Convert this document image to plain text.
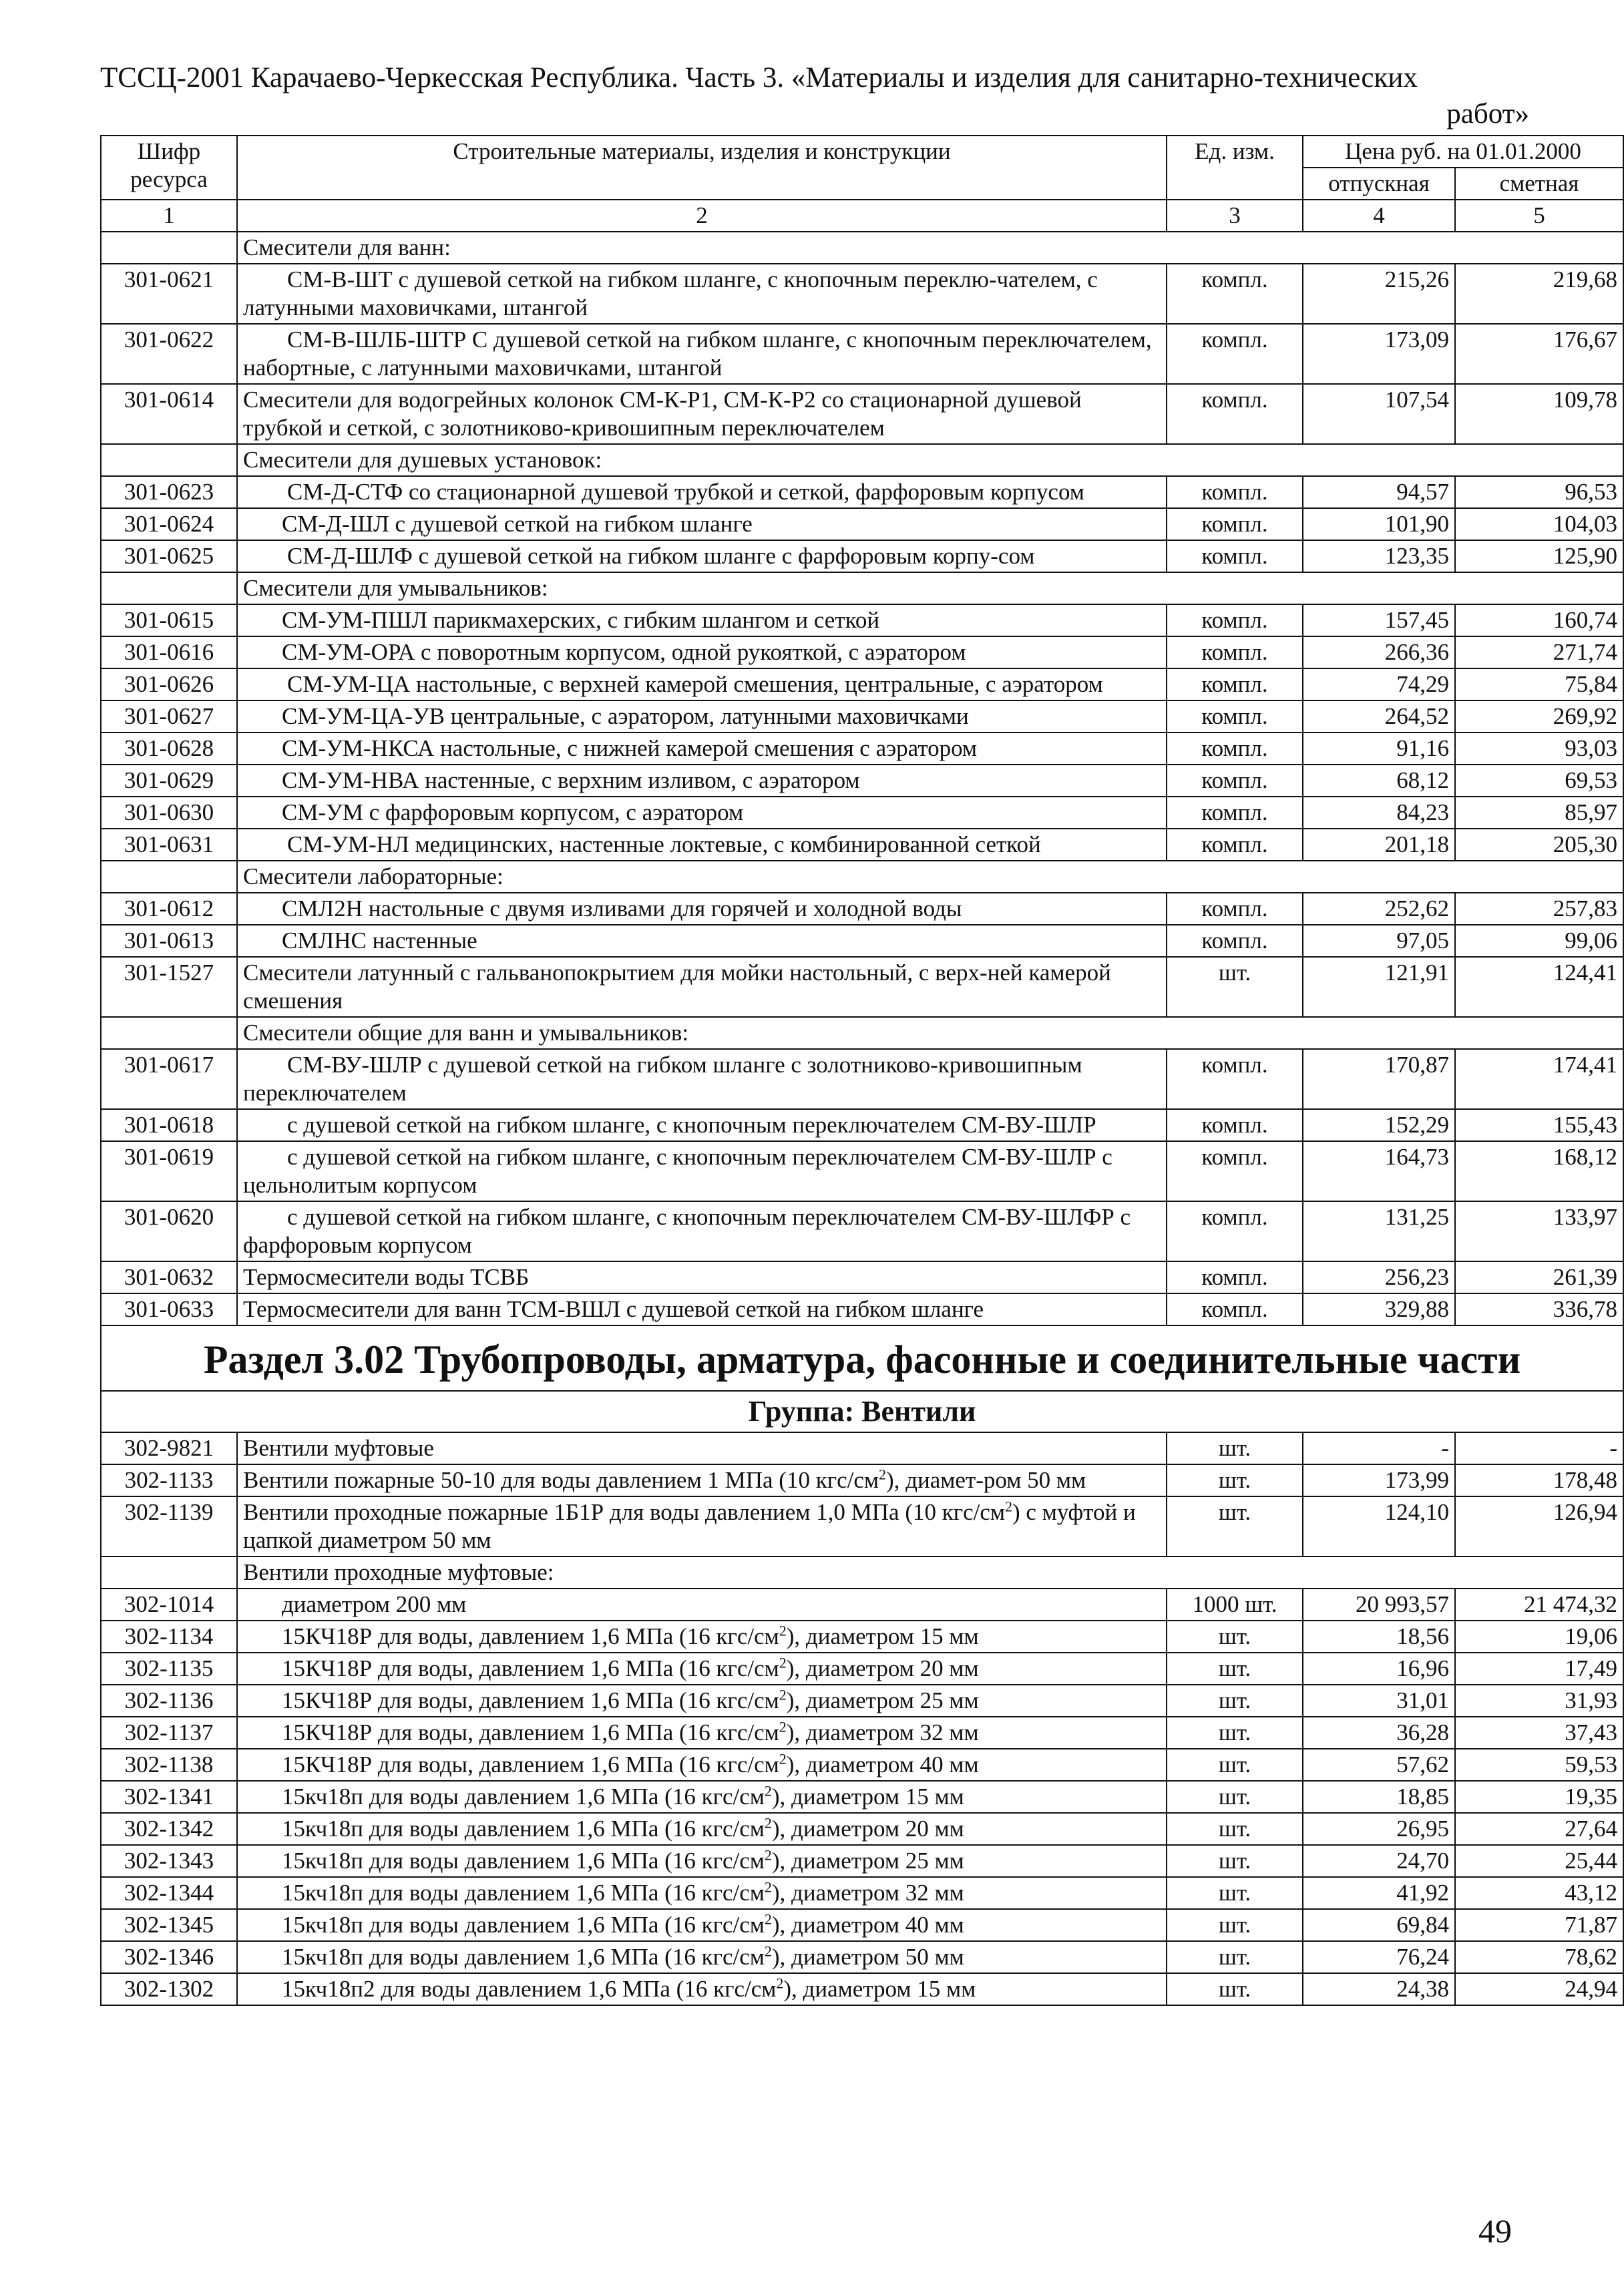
ТССЦ-2001 Карачаево-Черкесская Республика. Часть 3. «Материалы и изделия для санитарно-технических
работ»
Шифр ресурса	Строительные материалы, изделия и конструкции	Ед. изм.	Цена руб. на 01.01.2000	
			отпускная	сметная
1	2	3	4	5
	Смесители для ванн:			
301-0621	СМ-В-ШТ с душевой сеткой на гибком шланге, с кнопочным переклю-чателем, с латунными маховичками, штангой	компл.	215,26	219,68
301-0622	СМ-В-ШЛБ-ШТР С душевой сеткой на гибком шланге, с кнопочным переключателем, набортные, с латунными маховичками, штангой	компл.	173,09	176,67
301-0614	Смесители для водогрейных колонок СМ-К-Р1, СМ-К-Р2 со стационарной душевой трубкой и сеткой, с золотниково-кривошипным переключателем	компл.	107,54	109,78
	Смесители для душевых установок:			
301-0623	СМ-Д-СТФ со стационарной душевой трубкой и сеткой, фарфоровым корпусом	компл.	94,57	96,53
301-0624	СМ-Д-ШЛ с душевой сеткой на гибком шланге	компл.	101,90	104,03
301-0625	СМ-Д-ШЛФ с душевой сеткой на гибком шланге с фарфоровым корпу-сом	компл.	123,35	125,90
	Смесители для умывальников:			
301-0615	СМ-УМ-ПШЛ парикмахерских, с гибким шлангом и сеткой	компл.	157,45	160,74
301-0616	СМ-УМ-ОРА с поворотным корпусом, одной рукояткой, с аэратором	компл.	266,36	271,74
301-0626	СМ-УМ-ЦА настольные, с верхней камерой смешения, центральные, с аэратором	компл.	74,29	75,84
301-0627	СМ-УМ-ЦА-УВ центральные, с аэратором, латунными маховичками	компл.	264,52	269,92
301-0628	СМ-УМ-НКСА настольные, с нижней камерой смешения с аэратором	компл.	91,16	93,03
301-0629	СМ-УМ-НВА настенные, с верхним изливом, с аэратором	компл.	68,12	69,53
301-0630	СМ-УМ с фарфоровым корпусом, с аэратором	компл.	84,23	85,97
301-0631	СМ-УМ-НЛ медицинских, настенные локтевые, с комбинированной сеткой	компл.	201,18	205,30
	Смесители лабораторные:			
301-0612	СМЛ2Н настольные с двумя изливами для горячей и холодной воды	компл.	252,62	257,83
301-0613	СМЛНС настенные	компл.	97,05	99,06
301-1527	Смесители латунный с гальванопокрытием для мойки настольный, с верх-ней камерой смешения	шт.	121,91	124,41
	Смесители общие для ванн и умывальников:			
301-0617	СМ-ВУ-ШЛР с душевой сеткой на гибком шланге с золотниково-кривошипным переключателем	компл.	170,87	174,41
301-0618	с душевой сеткой на гибком шланге, с кнопочным переключателем СМ-ВУ-ШЛР	компл.	152,29	155,43
301-0619	с душевой сеткой на гибком шланге, с кнопочным переключателем СМ-ВУ-ШЛР с цельнолитым корпусом	компл.	164,73	168,12
301-0620	с душевой сеткой на гибком шланге, с кнопочным переключателем СМ-ВУ-ШЛФР с фарфоровым корпусом	компл.	131,25	133,97
301-0632	Термосмесители воды ТСВБ	компл.	256,23	261,39
301-0633	Термосмесители для ванн ТСМ-ВШЛ с душевой сеткой на гибком шланге	компл.	329,88	336,78
Раздел 3.02 Трубопроводы, арматура, фасонные и соединительные части				
Группа: Вентили				
302-9821	Вентили муфтовые	шт.	-	-
302-1133	Вентили пожарные 50-10 для воды давлением 1 МПа (10 кгс/$см^2$), диамет-ром 50 мм	шт.	173,99	178,48
302-1139	Вентили проходные пожарные 1Б1Р для воды давлением 1,0 МПа (10 кгс/$см^2$) с муфтой и цапкой диаметром 50 мм	шт.	124,10	126,94
	Вентили проходные муфтовые:			
302-1014	диаметром 200 мм	1000 шт.	20 993,57	21 474,32
302-1134	15КЧ18Р для воды, давлением 1,6 МПа (16 кгс/$см^2$), диаметром 15 мм	шт.	18,56	19,06
302-1135	15КЧ18Р для воды, давлением 1,6 МПа (16 кгс/$см^2$), диаметром 20 мм	шт.	16,96	17,49
302-1136	15КЧ18Р для воды, давлением 1,6 МПа (16 кгс/$см^2$), диаметром 25 мм	шт.	31,01	31,93
302-1137	15КЧ18Р для воды, давлением 1,6 МПа (16 кгс/$см^2$), диаметром 32 мм	шт.	36,28	37,43
302-1138	15КЧ18Р для воды, давлением 1,6 МПа (16 кгс/$см^2$), диаметром 40 мм	шт.	57,62	59,53
302-1341	15кч18п для воды давлением 1,6 МПа (16 кгс/$см^2$), диаметром 15 мм	шт.	18,85	19,35
302-1342	15кч18п для воды давлением 1,6 МПа (16 кгс/$см^2$), диаметром 20 мм	шт.	26,95	27,64
302-1343	15кч18п для воды давлением 1,6 МПа (16 кгс/$см^2$), диаметром 25 мм	шт.	24,70	25,44
302-1344	15кч18п для воды давлением 1,6 МПа (16 кгс/$см^2$), диаметром 32 мм	шт.	41,92	43,12
302-1345	15кч18п для воды давлением 1,6 МПа (16 кгс/$см^2$), диаметром 40 мм	шт.	69,84	71,87
302-1346	15кч18п для воды давлением 1,6 МПа (16 кгс/$см^2$), диаметром 50 мм	шт.	76,24	78,62
302-1302	15кч18п2 для воды давлением 1,6 МПа (16 кгс/$см^2$), диаметром 15 мм	шт.	24,38	24,94
49
